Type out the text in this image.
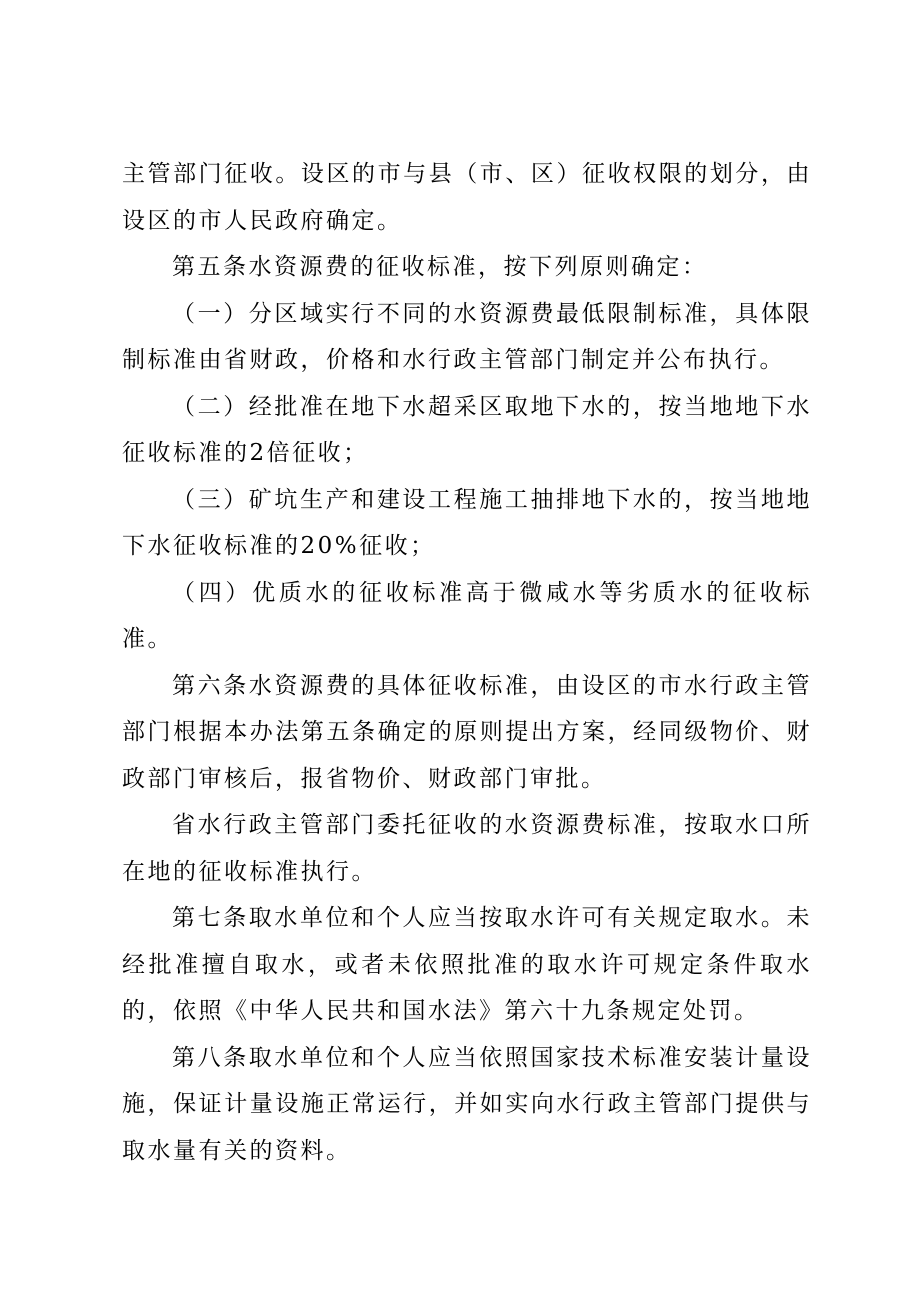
主管部门征收。设区的市与县（市、区）征收权限的划分，由设区的市人民政府确定。

第五条水资源费的征收标准，按下列原则确定：

（一）分区域实行不同的水资源费最低限制标准，具体限制标准由省财政，价格和水行政主管部门制定并公布执行。

（二）经批准在地下水超采区取地下水的，按当地地下水征收标准的2倍征收；

（三）矿坑生产和建设工程施工抽排地下水的，按当地地下水征收标准的20%征收；

（四）优质水的征收标准高于微咸水等劣质水的征收标准。

第六条水资源费的具体征收标准，由设区的市水行政主管部门根据本办法第五条确定的原则提出方案，经同级物价、财政部门审核后，报省物价、财政部门审批。

省水行政主管部门委托征收的水资源费标准，按取水口所在地的征收标准执行。

第七条取水单位和个人应当按取水许可有关规定取水。未经批准擅自取水，或者未依照批准的取水许可规定条件取水的，依照《中华人民共和国水法》第六十九条规定处罚。

第八条取水单位和个人应当依照国家技术标准安装计量设施，保证计量设施正常运行，并如实向水行政主管部门提供与取水量有关的资料。
